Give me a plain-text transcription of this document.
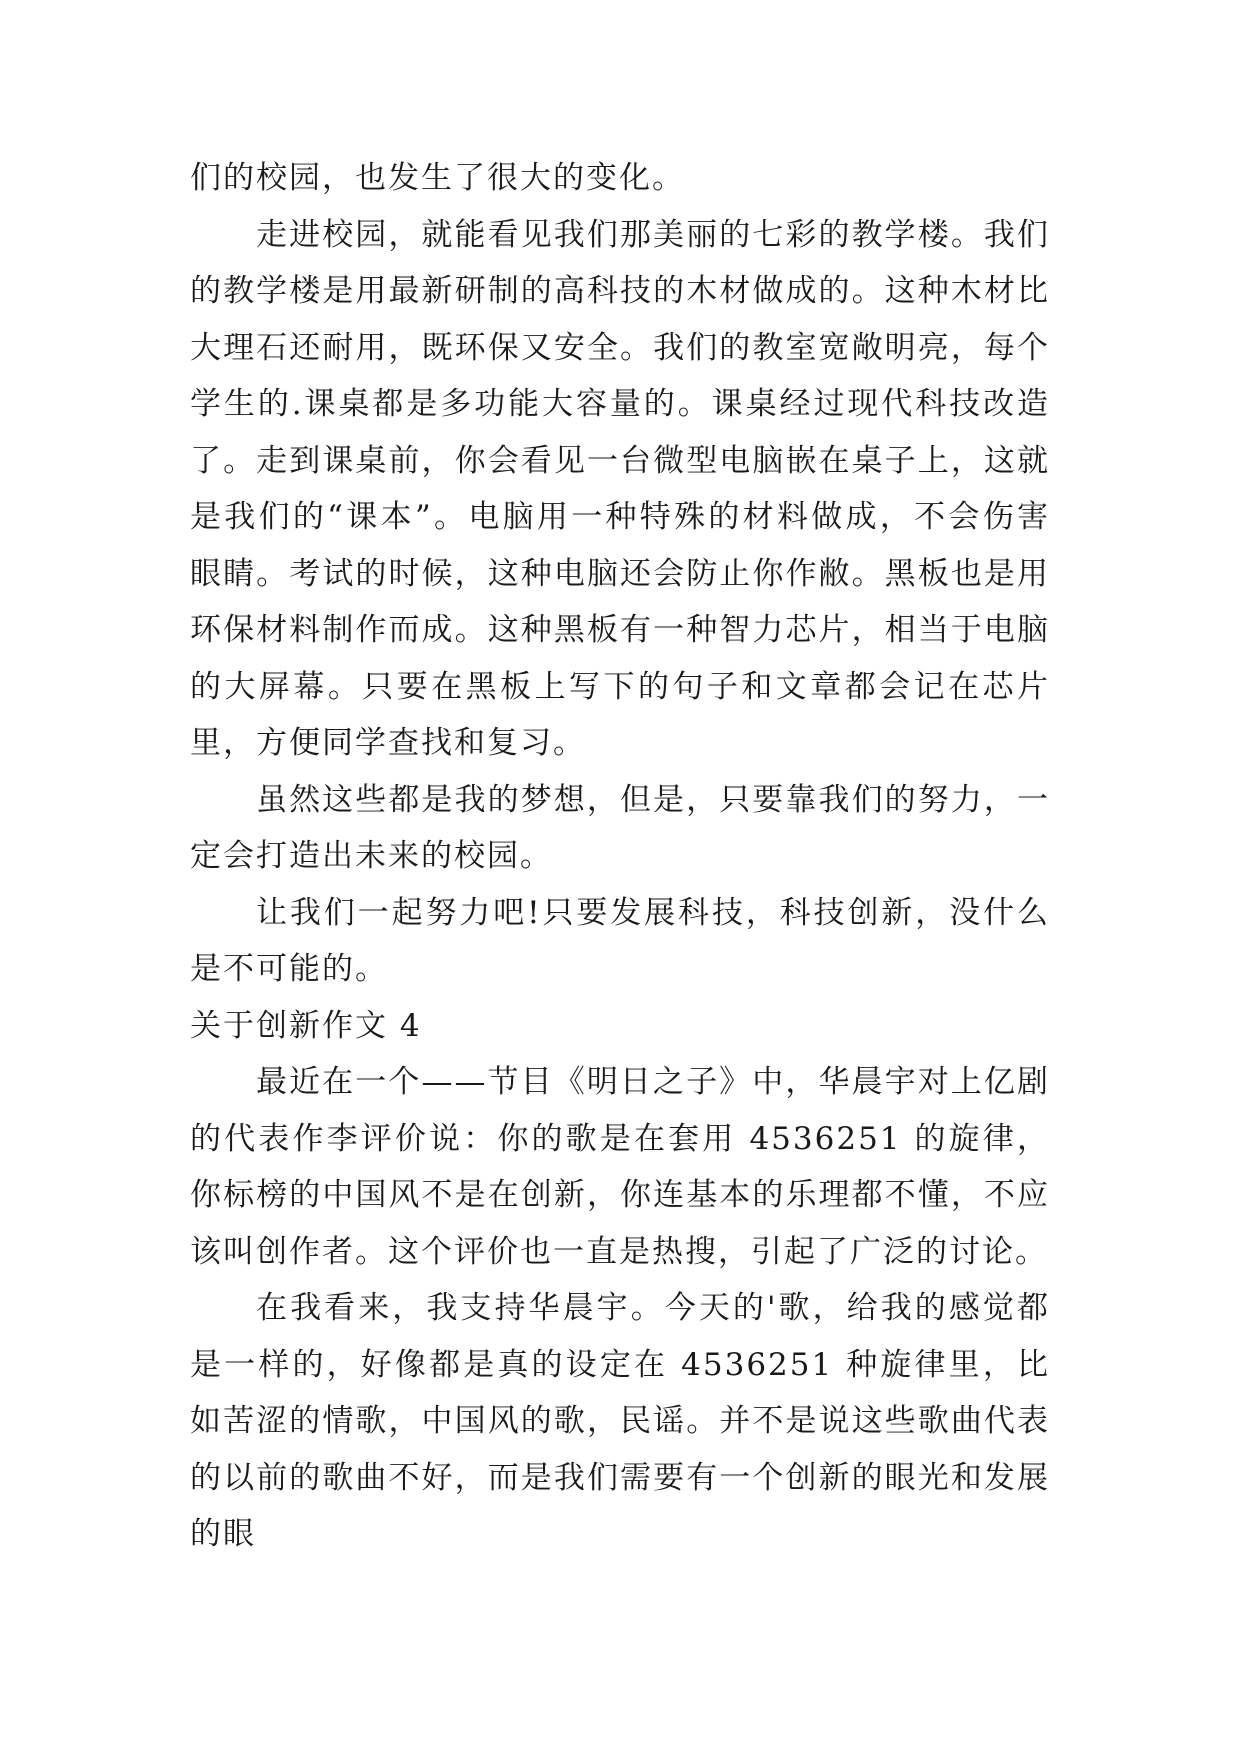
们的校园，也发生了很大的变化。

走进校园，就能看见我们那美丽的七彩的教学楼。我们的教学楼是用最新研制的高科技的木材做成的。这种木材比大理石还耐用，既环保又安全。我们的教室宽敞明亮，每个学生的.课桌都是多功能大容量的。课桌经过现代科技改造了。走到课桌前，你会看见一台微型电脑嵌在桌子上，这就是我们的“课本”。电脑用一种特殊的材料做成，不会伤害眼睛。考试的时候，这种电脑还会防止你作敝。黑板也是用环保材料制作而成。这种黑板有一种智力芯片，相当于电脑的大屏幕。只要在黑板上写下的句子和文章都会记在芯片里，方便同学查找和复习。

虽然这些都是我的梦想，但是，只要靠我们的努力，一定会打造出未来的校园。

让我们一起努力吧!只要发展科技，科技创新，没什么是不可能的。

关于创新作文 4

最近在一个——节目《明日之子》中，华晨宇对上亿剧的代表作李评价说：你的歌是在套用 4536251 的旋律，你标榜的中国风不是在创新，你连基本的乐理都不懂，不应该叫创作者。这个评价也一直是热搜，引起了广泛的讨论。

在我看来，我支持华晨宇。今天的'歌，给我的感觉都是一样的，好像都是真的设定在 4536251 种旋律里，比如苦涩的情歌，中国风的歌，民谣。并不是说这些歌曲代表的以前的歌曲不好，而是我们需要有一个创新的眼光和发展的眼
